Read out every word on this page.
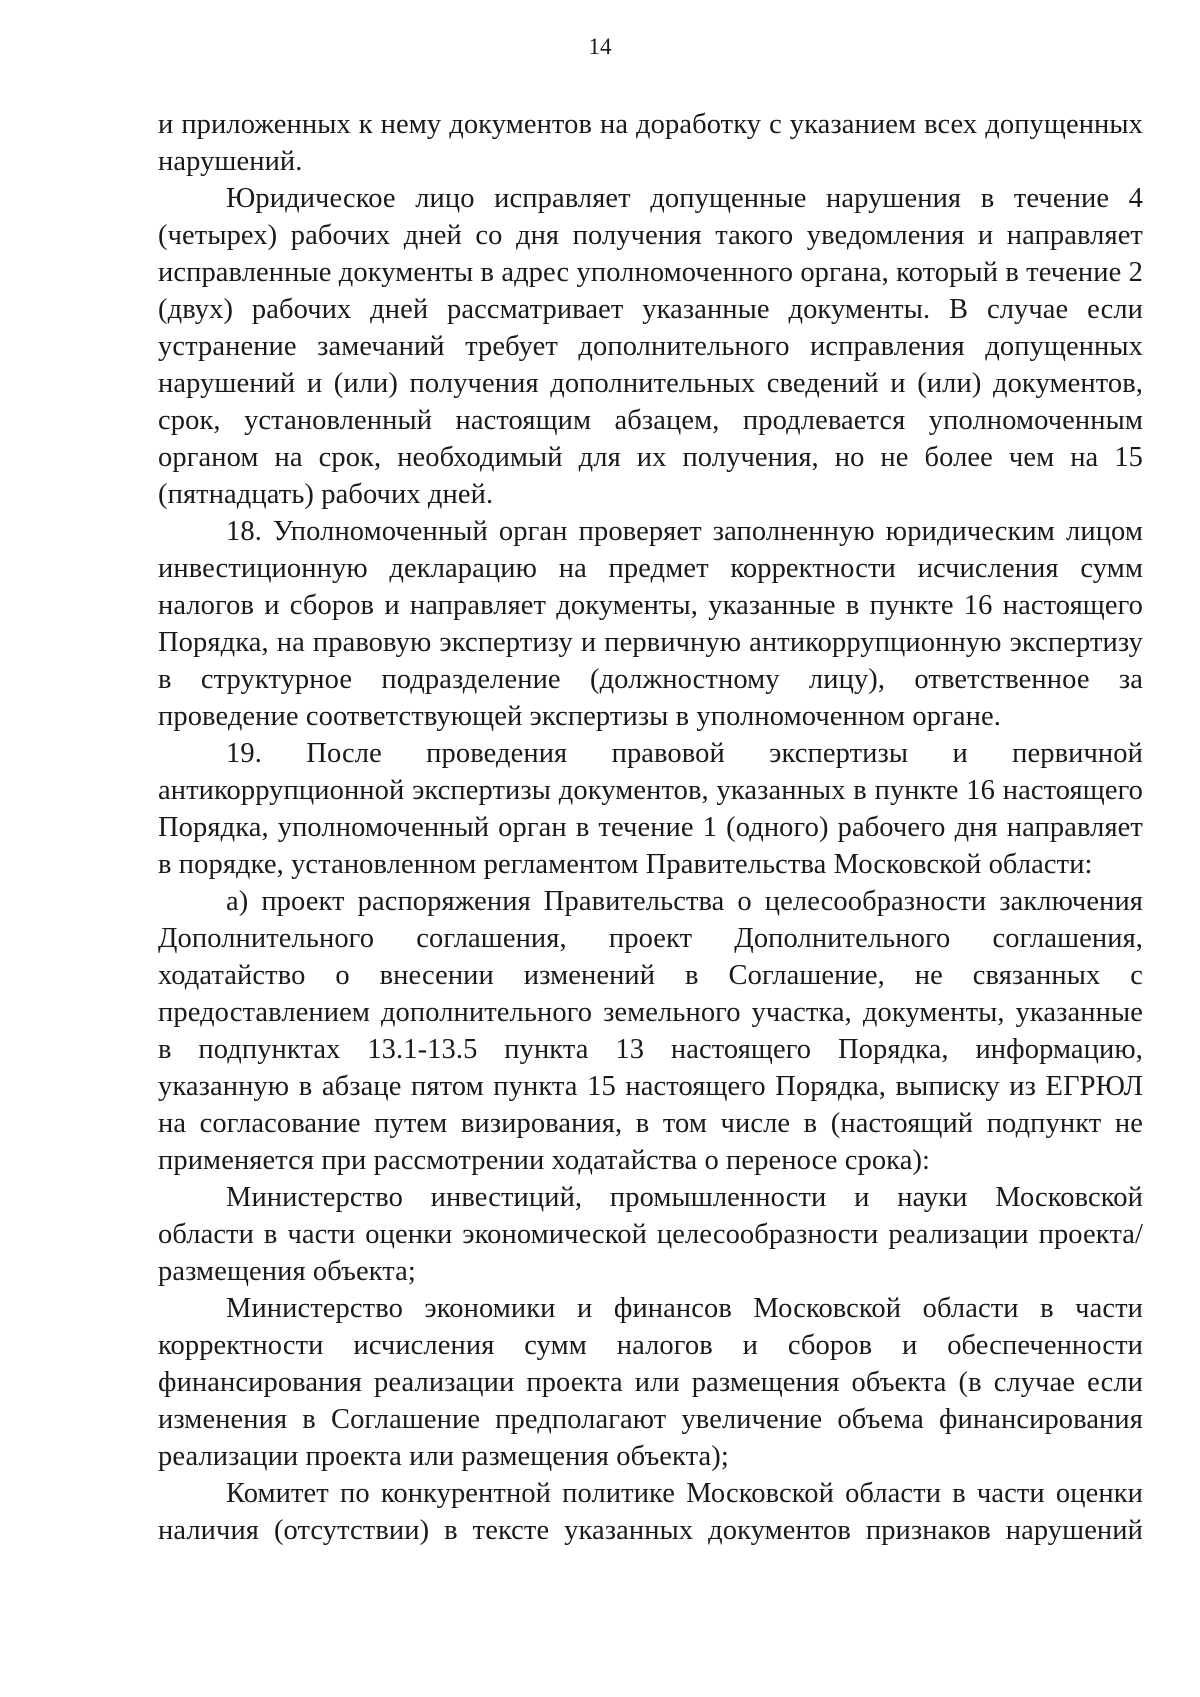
14

и приложенных к нему документов на доработку с указанием всех допущенных нарушений.

Юридическое лицо исправляет допущенные нарушения в течение 4 (четырех) рабочих дней со дня получения такого уведомления и направляет исправленные документы в адрес уполномоченного органа, который в течение 2 (двух) рабочих дней рассматривает указанные документы. В случае если устранение замечаний требует дополнительного исправления допущенных нарушений и (или) получения дополнительных сведений и (или) документов, срок, установленный настоящим абзацем, продлевается уполномоченным органом на срок, необходимый для их получения, но не более чем на 15 (пятнадцать) рабочих дней.

18. Уполномоченный орган проверяет заполненную юридическим лицом инвестиционную декларацию на предмет корректности исчисления сумм налогов и сборов и направляет документы, указанные в пункте 16 настоящего Порядка, на правовую экспертизу и первичную антикоррупционную экспертизу в структурное подразделение (должностному лицу), ответственное за проведение соответствующей экспертизы в уполномоченном органе.

19. После проведения правовой экспертизы и первичной антикоррупционной экспертизы документов, указанных в пункте 16 настоящего Порядка, уполномоченный орган в течение 1 (одного) рабочего дня направляет в порядке, установленном регламентом Правительства Московской области:

а) проект распоряжения Правительства о целесообразности заключения Дополнительного соглашения, проект Дополнительного соглашения, ходатайство о внесении изменений в Соглашение, не связанных с предоставлением дополнительного земельного участка, документы, указанные в подпунктах 13.1-13.5 пункта 13 настоящего Порядка, информацию, указанную в абзаце пятом пункта 15 настоящего Порядка, выписку из ЕГРЮЛ на согласование путем визирования, в том числе в (настоящий подпункт не применяется при рассмотрении ходатайства о переносе срока):

Министерство инвестиций, промышленности и науки Московской области в части оценки экономической целесообразности реализации проекта/размещения объекта;

Министерство экономики и финансов Московской области в части корректности исчисления сумм налогов и сборов и обеспеченности финансирования реализации проекта или размещения объекта (в случае если изменения в Соглашение предполагают увеличение объема финансирования реализации проекта или размещения объекта);

Комитет по конкурентной политике Московской области в части оценки наличия (отсутствии) в тексте указанных документов признаков нарушений
